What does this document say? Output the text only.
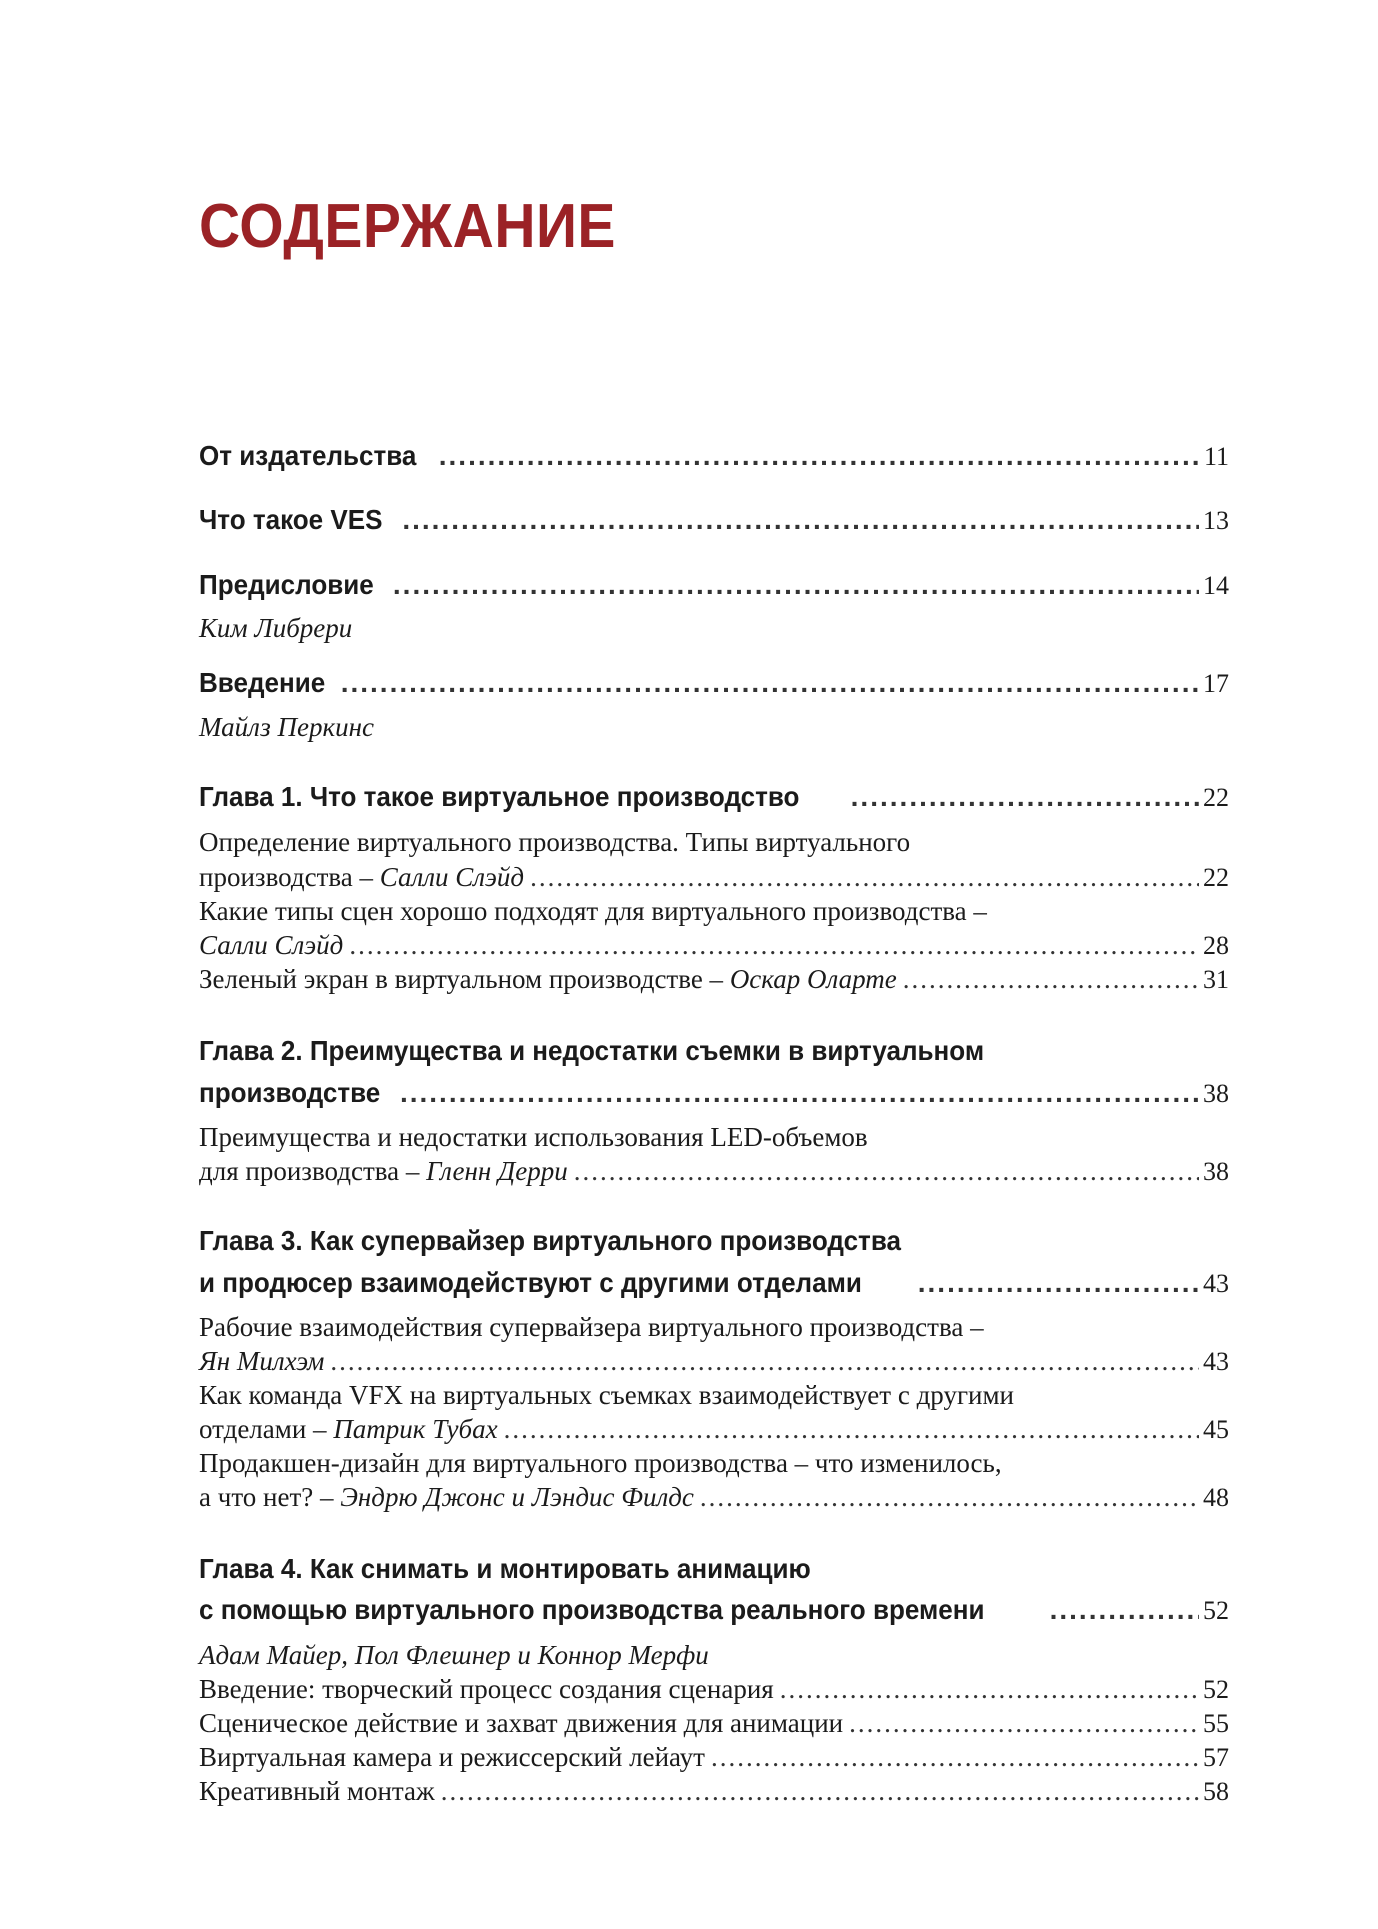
СОДЕРЖАНИЕ
От издательства .....	11
Что такое VES .....	13
Предисловие .....	14
Ким Либрери
Введение .....	17
Майлз Перкинс
Глава 1. Что такое виртуальное производство .....	22
Определение виртуального производства. Типы виртуального
производства – Салли Слэйд .....	22
Какие типы сцен хорошо подходят для виртуального производства –
Салли Слэйд .....	28
Зеленый экран в виртуальном производстве – Оскар Оларте .....	31
Глава 2. Преимущества и недостатки съемки в виртуальном
производстве .....	38
Преимущества и недостатки использования LED-объемов
для производства – Гленн Дерри .....	38
Глава 3. Как супервайзер виртуального производства
и продюсер взаимодействуют с другими отделами .....	43
Рабочие взаимодействия супервайзера виртуального производства –
Ян Милхэм .....	43
Как команда VFX на виртуальных съемках взаимодействует с другими
отделами – Патрик Тубах .....	45
Продакшен-дизайн для виртуального производства – что изменилось,
а что нет? – Эндрю Джонс и Лэндис Филдс .....	48
Глава 4. Как снимать и монтировать анимацию
с помощью виртуального производства реального времени .....	52
Адам Майер, Пол Флешнер и Коннор Мерфи
Введение: творческий процесс создания сценария .....	52
Сценическое действие и захват движения для анимации .....	55
Виртуальная камера и режиссерский лейаут .....	57
Креативный монтаж .....	58
